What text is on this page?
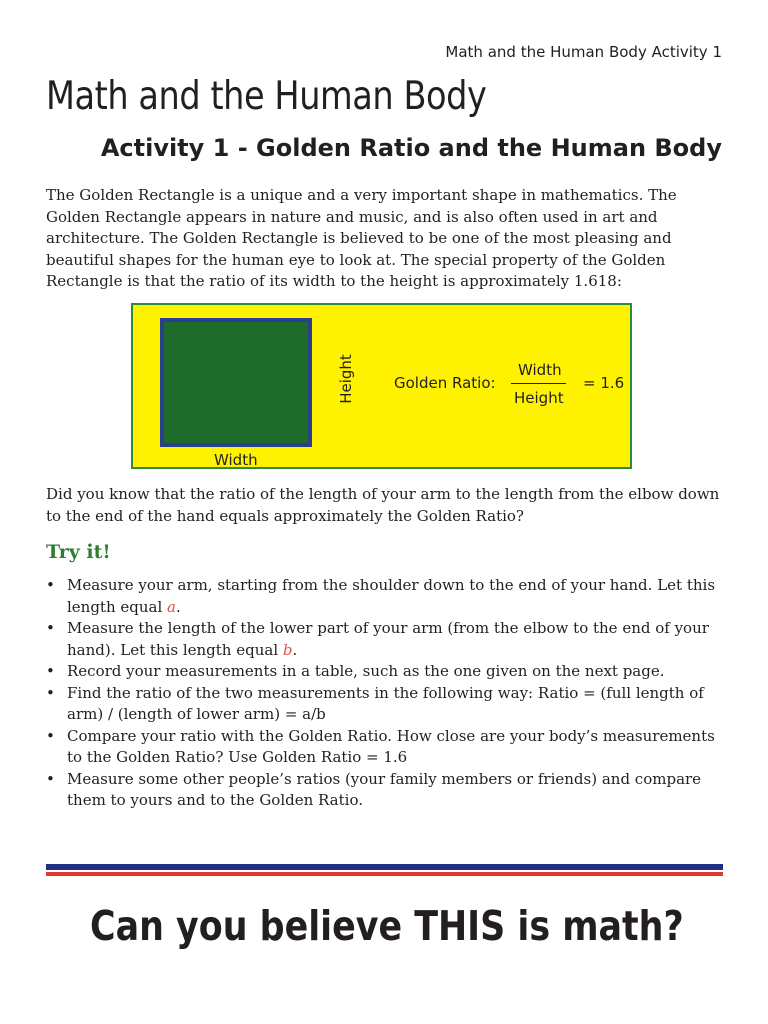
Math and the Human Body Activity 1
Math and the Human Body
Activity 1 - Golden Ratio and the Human Body

The Golden Rectangle is a unique and a very important shape in mathematics. The Golden Rectangle appears in nature and music, and is also often used in art and architecture. The Golden Rectangle is believed to be one of the most pleasing and beautiful shapes for the human eye to look at. The special property of the Golden Rectangle is that the ratio of its width to the height is approximately 1.618:

Width
Height	Golden Ratio:
Width
Height
= 1.6

Did you know that the ratio of the length of your arm to the length from the elbow down to the end of the hand equals approximately the Golden Ratio?

Try it!
• Measure your arm, starting from the shoulder down to the end of your hand. Let this length equal a.
• Measure the length of the lower part of your arm (from the elbow to the end of your hand). Let this length equal b.
• Record your measurements in a table, such as the one given on the next page.
• Find the ratio of the two measurements in the following way: Ratio = (full length of arm) / (length of lower arm) = a/b
• Compare your ratio with the Golden Ratio. How close are your body’s measurements to the Golden Ratio? Use Golden Ratio = 1.6
• Measure some other people’s ratios (your family members or friends) and compare them to yours and to the Golden Ratio.
Can you believe THIS is math?
